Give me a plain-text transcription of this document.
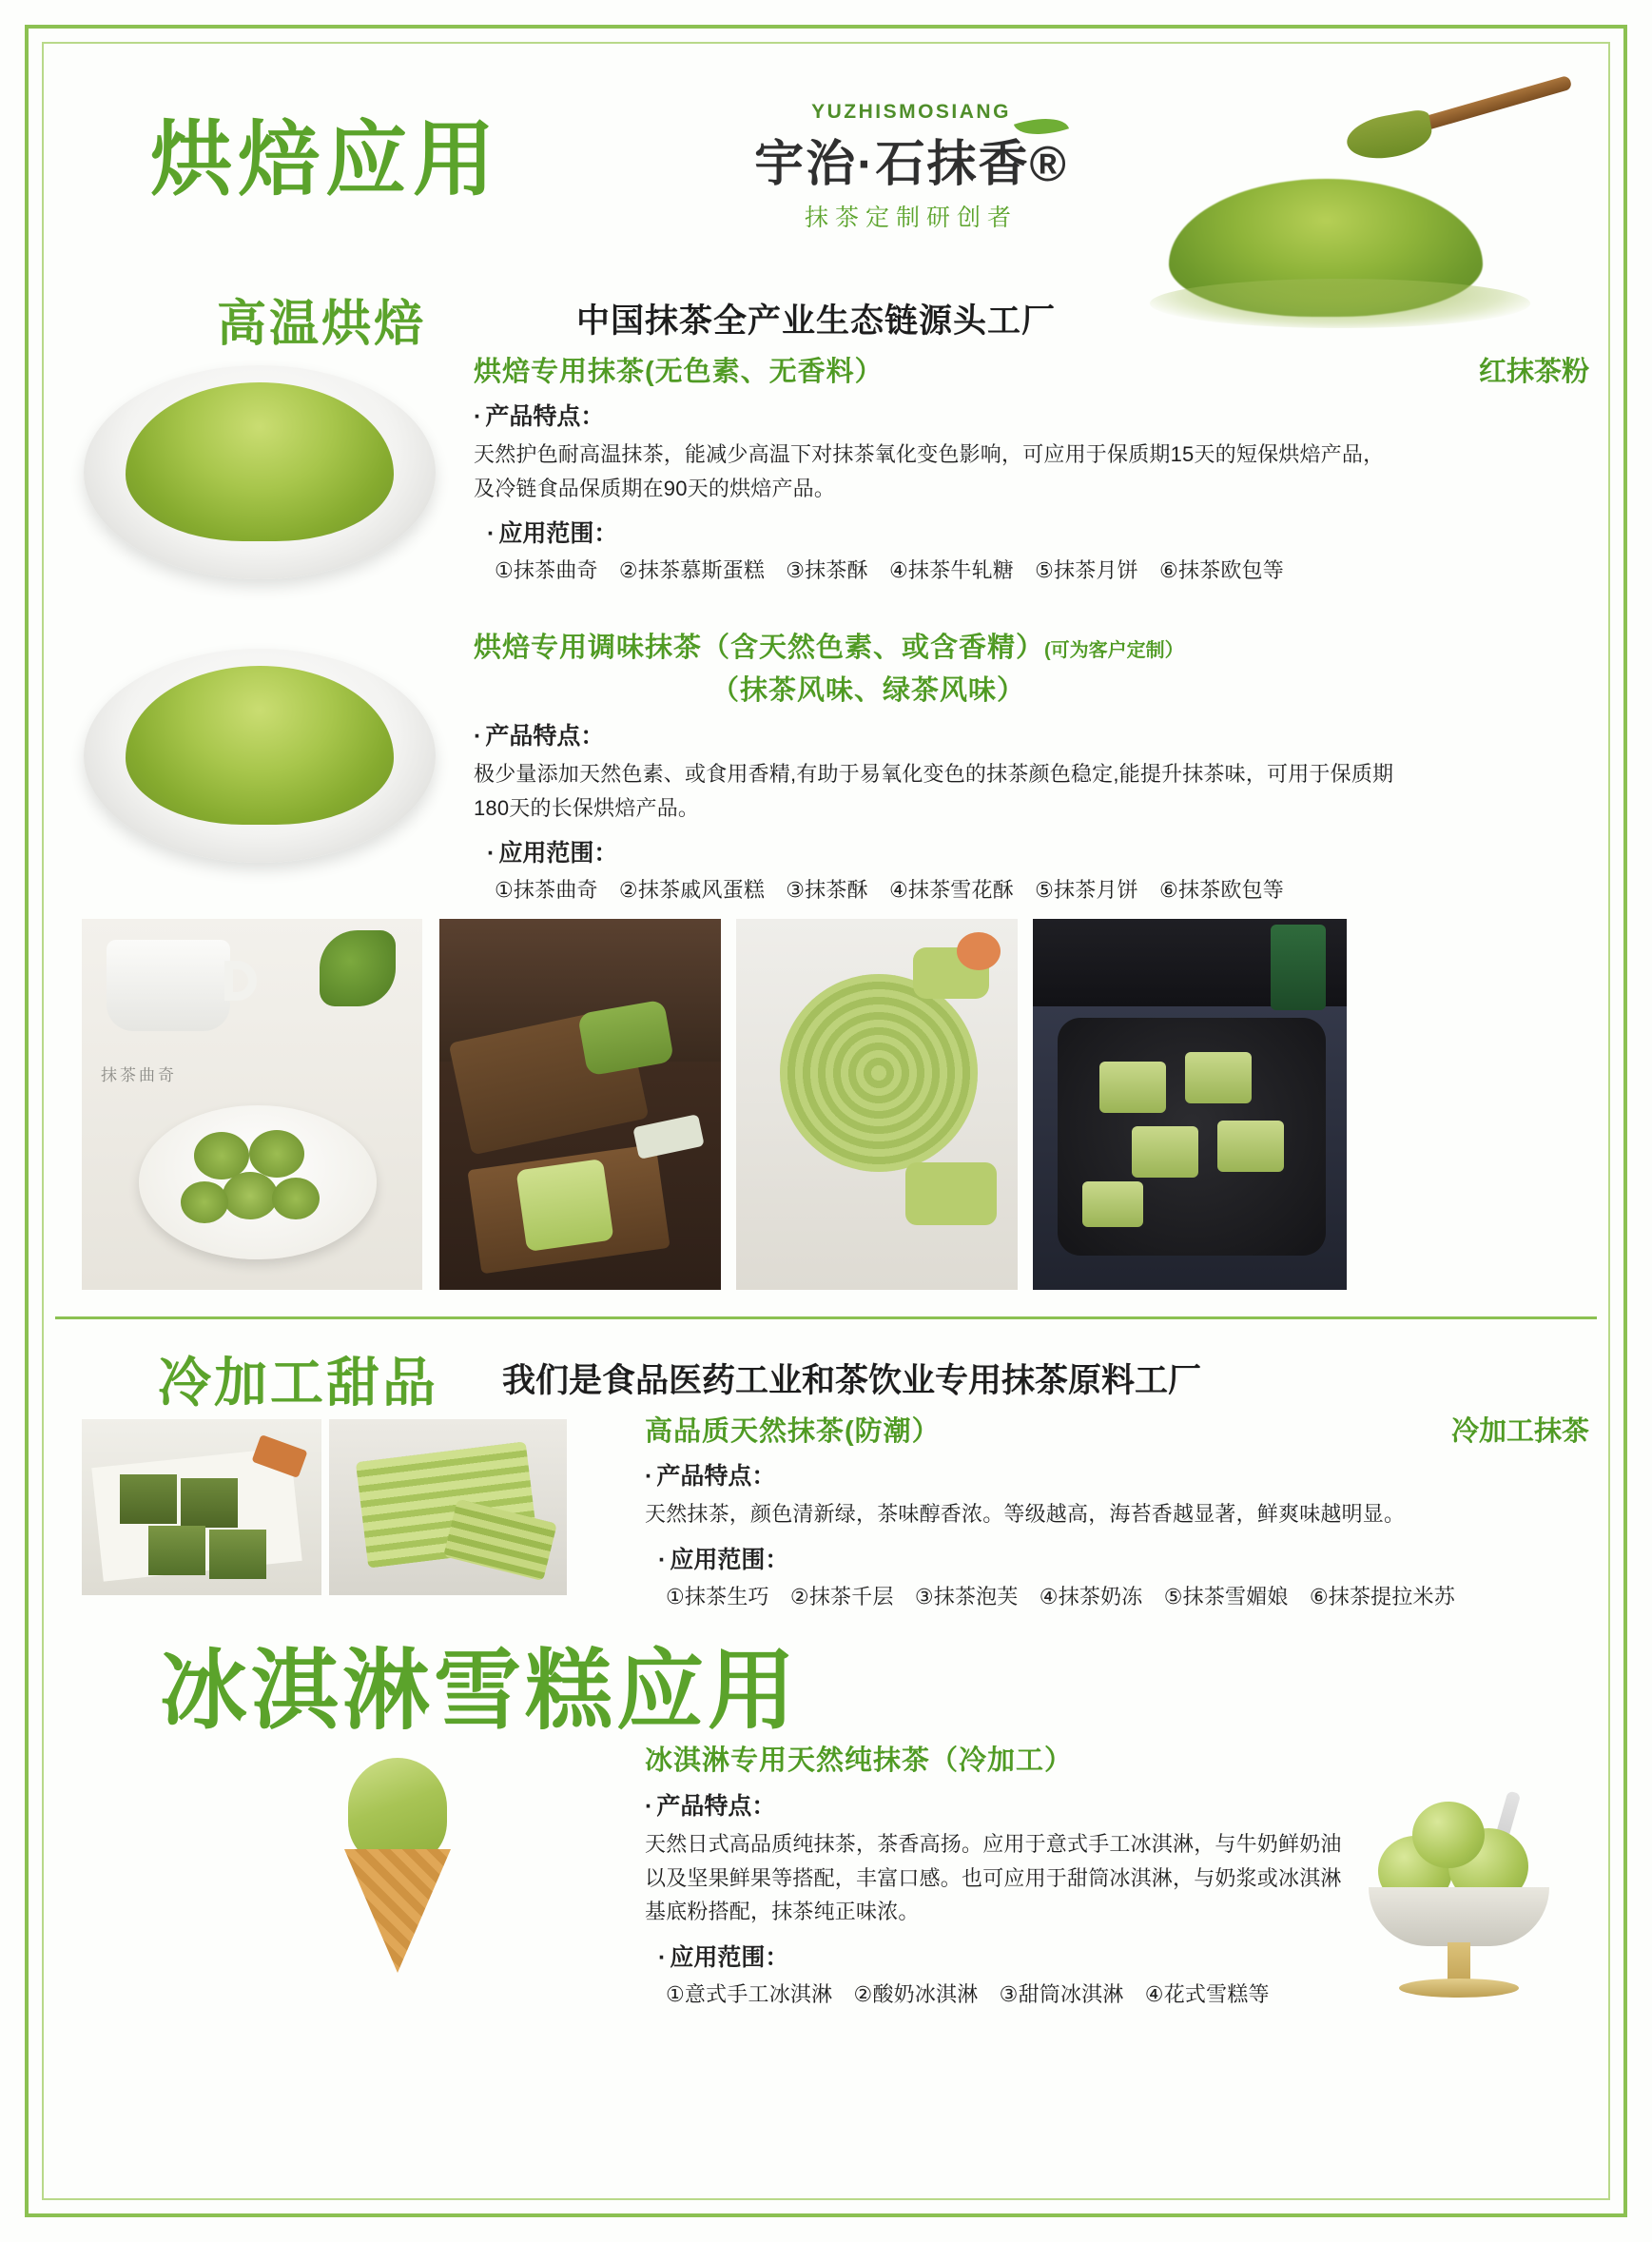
烘焙应用
YUZHISMOSIANG
宇治·石抹香®
抹茶定制研创者
高温烘焙	中国抹茶全产业生态链源头工厂
烘焙专用抹茶(无色素、无香料）	红抹茶粉
· 产品特点：
天然护色耐高温抹茶，能减少高温下对抹茶氧化变色影响，可应用于保质期15天的短保烘焙产品，及冷链食品保质期在90天的烘焙产品。
· 应用范围：
①抹茶曲奇　②抹茶慕斯蛋糕　③抹茶酥　④抹茶牛轧糖　⑤抹茶月饼　⑥抹茶欧包等
烘焙专用调味抹茶（含天然色素、或含香精）(可为客户定制）
（抹茶风味、绿茶风味）
· 产品特点：
极少量添加天然色素、或食用香精,有助于易氧化变色的抹茶颜色稳定,能提升抹茶味，可用于保质期180天的长保烘焙产品。
· 应用范围：
①抹茶曲奇　②抹茶戚风蛋糕　③抹茶酥　④抹茶雪花酥　⑤抹茶月饼　⑥抹茶欧包等
抹茶曲奇
冷加工甜品 我们是食品医药工业和茶饮业专用抹茶原料工厂
高品质天然抹茶(防潮）	冷加工抹茶
· 产品特点：
天然抹茶，颜色清新绿，茶味醇香浓。等级越高，海苔香越显著，鲜爽味越明显。
· 应用范围：
①抹茶生巧　②抹茶千层　③抹茶泡芙　④抹茶奶冻　⑤抹茶雪媚娘　⑥抹茶提拉米苏
冰淇淋雪糕应用
冰淇淋专用天然纯抹茶（冷加工）
· 产品特点：
天然日式高品质纯抹茶，茶香高扬。应用于意式手工冰淇淋，与牛奶鲜奶油以及坚果鲜果等搭配，丰富口感。也可应用于甜筒冰淇淋，与奶浆或冰淇淋基底粉搭配，抹茶纯正味浓。
· 应用范围：
①意式手工冰淇淋　②酸奶冰淇淋　③甜筒冰淇淋　④花式雪糕等
